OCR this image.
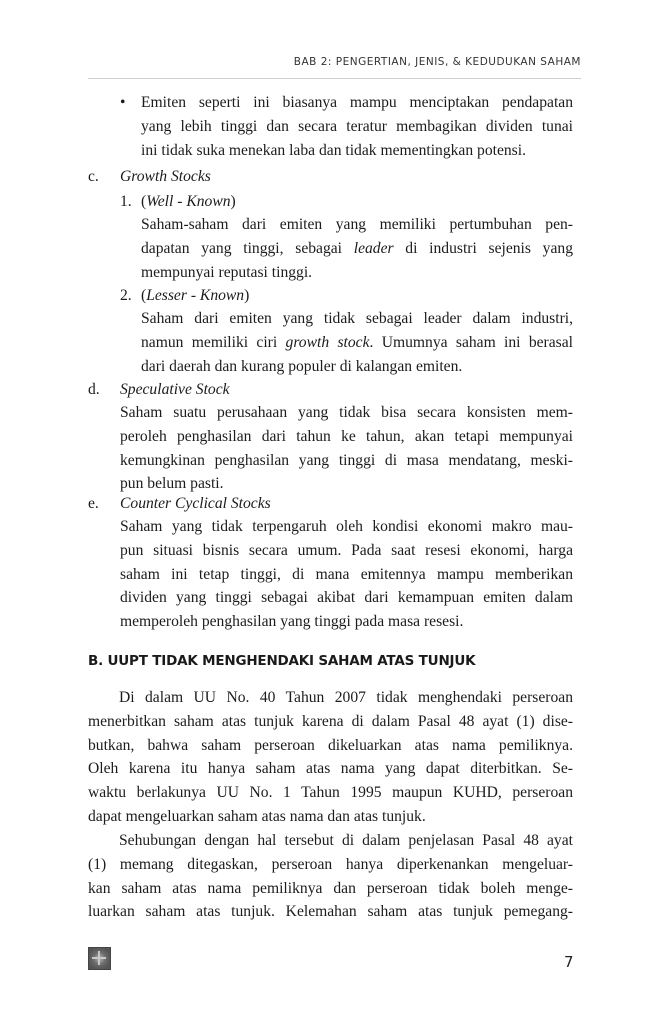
BAB 2: PENGERTIAN, JENIS, & KEDUDUKAN SAHAM
• Emiten seperti ini biasanya mampu menciptakan pendapatan
yang lebih tinggi dan secara teratur membagikan dividen tunai
ini tidak suka menekan laba dan tidak mementingkan potensi.
c. Growth Stocks
1. (Well - Known)
Saham-saham dari emiten yang memiliki pertumbuhan pen-
dapatan yang tinggi, sebagai leader di industri sejenis yang
mempunyai reputasi tinggi.
2. (Lesser - Known)
Saham dari emiten yang tidak sebagai leader dalam industri,
namun memiliki ciri growth stock. Umumnya saham ini berasal
dari daerah dan kurang populer di kalangan emiten.
d. Speculative Stock
Saham suatu perusahaan yang tidak bisa secara konsisten mem-
peroleh penghasilan dari tahun ke tahun, akan tetapi mempunyai
kemungkinan penghasilan yang tinggi di masa mendatang, meski-
pun belum pasti.
e. Counter Cyclical Stocks
Saham yang tidak terpengaruh oleh kondisi ekonomi makro mau-
pun situasi bisnis secara umum. Pada saat resesi ekonomi, harga
saham ini tetap tinggi, di mana emitennya mampu memberikan
dividen yang tinggi sebagai akibat dari kemampuan emiten dalam
memperoleh penghasilan yang tinggi pada masa resesi.
B. UUPT TIDAK MENGHENDAKI SAHAM ATAS TUNJUK
Di dalam UU No. 40 Tahun 2007 tidak menghendaki perseroan
menerbitkan saham atas tunjuk karena di dalam Pasal 48 ayat (1) dise-
butkan, bahwa saham perseroan dikeluarkan atas nama pemiliknya.
Oleh karena itu hanya saham atas nama yang dapat diterbitkan. Se-
waktu berlakunya UU No. 1 Tahun 1995 maupun KUHD, perseroan
dapat mengeluarkan saham atas nama dan atas tunjuk.
Sehubungan dengan hal tersebut di dalam penjelasan Pasal 48 ayat
(1) memang ditegaskan, perseroan hanya diperkenankan mengeluar-
kan saham atas nama pemiliknya dan perseroan tidak boleh menge-
luarkan saham atas tunjuk. Kelemahan saham atas tunjuk pemegang-
7
